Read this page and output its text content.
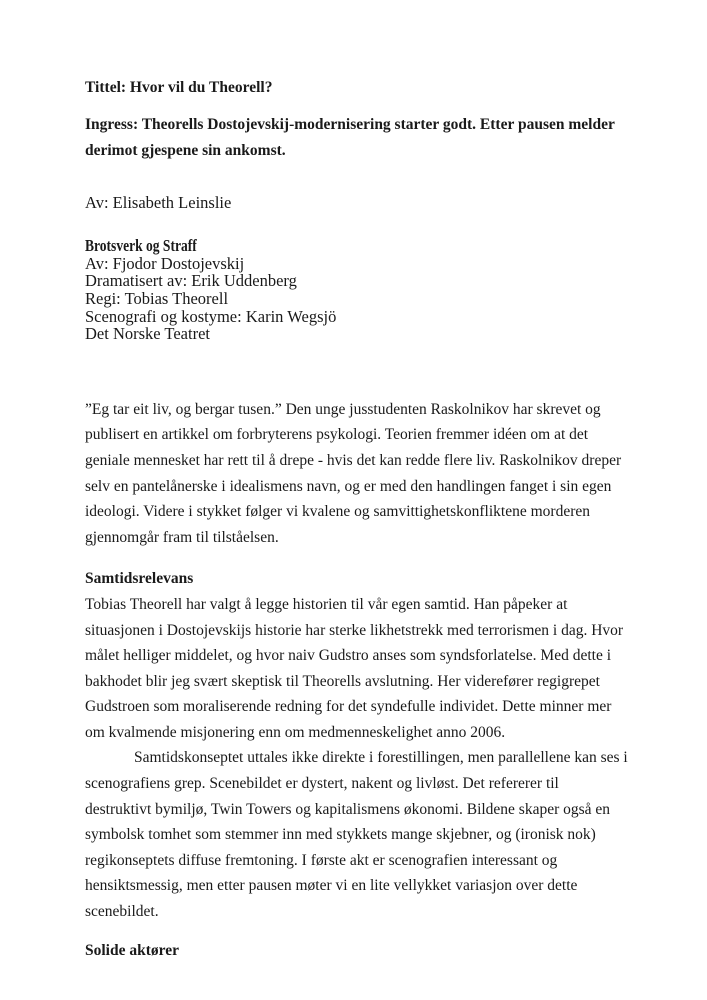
Tittel: Hvor vil du Theorell?

Ingress: Theorells Dostojevskij-modernisering starter godt. Etter pausen melder derimot gjespene sin ankomst.

Av: Elisabeth Leinslie

Brotsverk og Straff
Av: Fjodor Dostojevskij
Dramatisert av: Erik Uddenberg
Regi: Tobias Theorell
Scenografi og kostyme: Karin Wegsjö
Det Norske Teatret

”Eg tar eit liv, og bergar tusen.” Den unge jusstudenten Raskolnikov har skrevet og publisert en artikkel om forbryterens psykologi. Teorien fremmer idéen om at det geniale mennesket har rett til å drepe - hvis det kan redde flere liv. Raskolnikov dreper selv en pantelånerske i idealismens navn, og er med den handlingen fanget i sin egen ideologi. Videre i stykket følger vi kvalene og samvittighetskonfliktene morderen gjennomgår fram til tilståelsen.

Samtidsrelevans

Tobias Theorell har valgt å legge historien til vår egen samtid. Han påpeker at situasjonen i Dostojevskijs historie har sterke likhetstrekk med terrorismen i dag. Hvor målet helliger middelet, og hvor naiv Gudstro anses som syndsforlatelse. Med dette i bakhodet blir jeg svært skeptisk til Theorells avslutning. Her viderefører regigrepet Gudstroen som moraliserende redning for det syndefulle individet. Dette minner mer om kvalmende misjonering enn om medmenneskelighet anno 2006.

Samtidskonseptet uttales ikke direkte i forestillingen, men parallellene kan ses i scenografiens grep. Scenebildet er dystert, nakent og livløst. Det refererer til destruktivt bymiljø, Twin Towers og kapitalismens økonomi. Bildene skaper også en symbolsk tomhet som stemmer inn med stykkets mange skjebner, og (ironisk nok) regikonseptets diffuse fremtoning. I første akt er scenografien interessant og hensiktsmessig, men etter pausen møter vi en lite vellykket variasjon over dette scenebildet.

Solide aktører
